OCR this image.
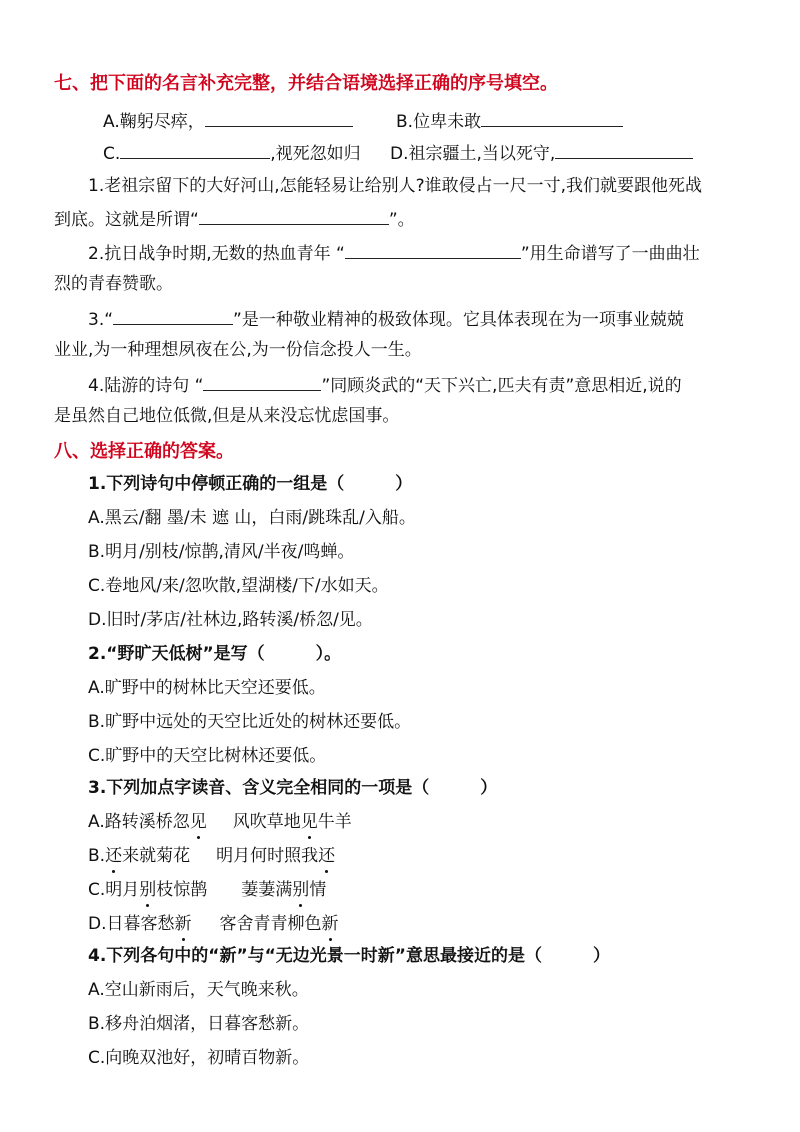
七、把下面的名言补充完整，并结合语境选择正确的序号填空。
A.鞠躬尽瘁，	B.位卑未敢
C.	,视死忽如归 D.祖宗疆土,当以死守,
1.老祖宗留下的大好河山,怎能轻易让给别人?谁敢侵占一尺一寸,我们就要跟他死战
到底。这就是所谓“	”。
2.抗日战争时期,无数的热血青年 “	”用生命谱写了一曲曲壮
烈的青春赞歌。
3.“	”是一种敬业精神的极致体现。它具体表现在为一项事业兢兢
业业,为一种理想夙夜在公,为一份信念投人一生。
4.陆游的诗句 “	”同顾炎武的“天下兴亡,匹夫有责”意思相近,说的
是虽然自己地位低微,但是从来没忘忧虑国事。
八、选择正确的答案。
1.下列诗句中停顿正确的一组是（　　　）
A.黑云/翻 墨/未 遮 山，白雨/跳珠乱/入船。
B.明月/别枝/惊鹊,清风/半夜/鸣蝉。
C.卷地风/来/忽吹散,望湖楼/下/水如天。
D.旧时/茅店/社林边,路转溪/桥忽/见。
2.“野旷天低树”是写（　　　）。
A.旷野中的树林比天空还要低。
B.旷野中远处的天空比近处的树林还要低。
C.旷野中的天空比树林还要低。
3.下列加点字读音、含义完全相同的一项是（　　　）
A.路转溪桥忽见 风吹草地见牛羊
B.还来就菊花 明月何时照我还
C.明月别枝惊鹊 萋萋满别情
D.日暮客愁新 客舍青青柳色新
4.下列各句中的“新”与“无边光景一时新”意思最接近的是（　　　）
A.空山新雨后，天气晚来秋。
B.移舟泊烟渚，日暮客愁新。
C.向晚双池好，初晴百物新。
